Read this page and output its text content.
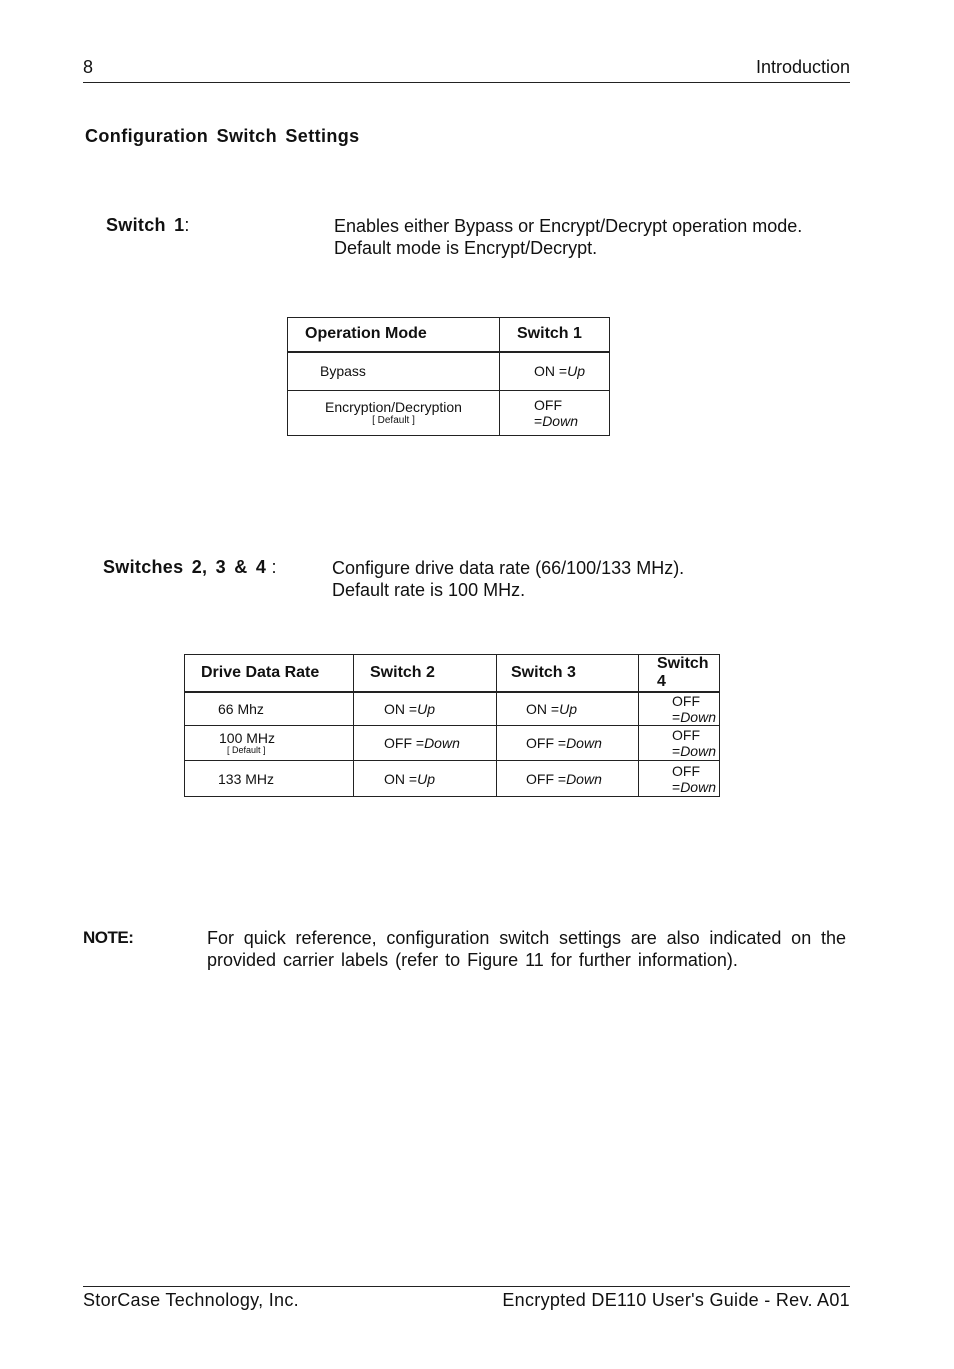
8	Introduction
Configuration Switch Settings
Switch 1:	Enables either Bypass or Encrypt/Decrypt operation mode.
Default mode is Encrypt/Decrypt.
Operation Mode	Switch 1
Bypass	ON =Up

Encryption/Decryption
[ Default ]	OFF =Down
Switches 2, 3 & 4 :	Configure drive data rate (66/100/133 MHz).
Default rate is 100 MHz.
Drive Data Rate	Switch 2	Switch 3	Switch 4
66 Mhz	ON =Up	ON =Up	OFF =Down

100 MHz
[ Default ]	OFF =Down	OFF =Down	OFF =Down
133 MHz	ON =Up	OFF =Down	OFF =Down
NOTE:	For quick reference, configuration switch settings are also indicated on the provided carrier labels (refer to Figure 11 for further information).
StorCase Technology, Inc.	Encrypted DE110 User's Guide - Rev. A01
